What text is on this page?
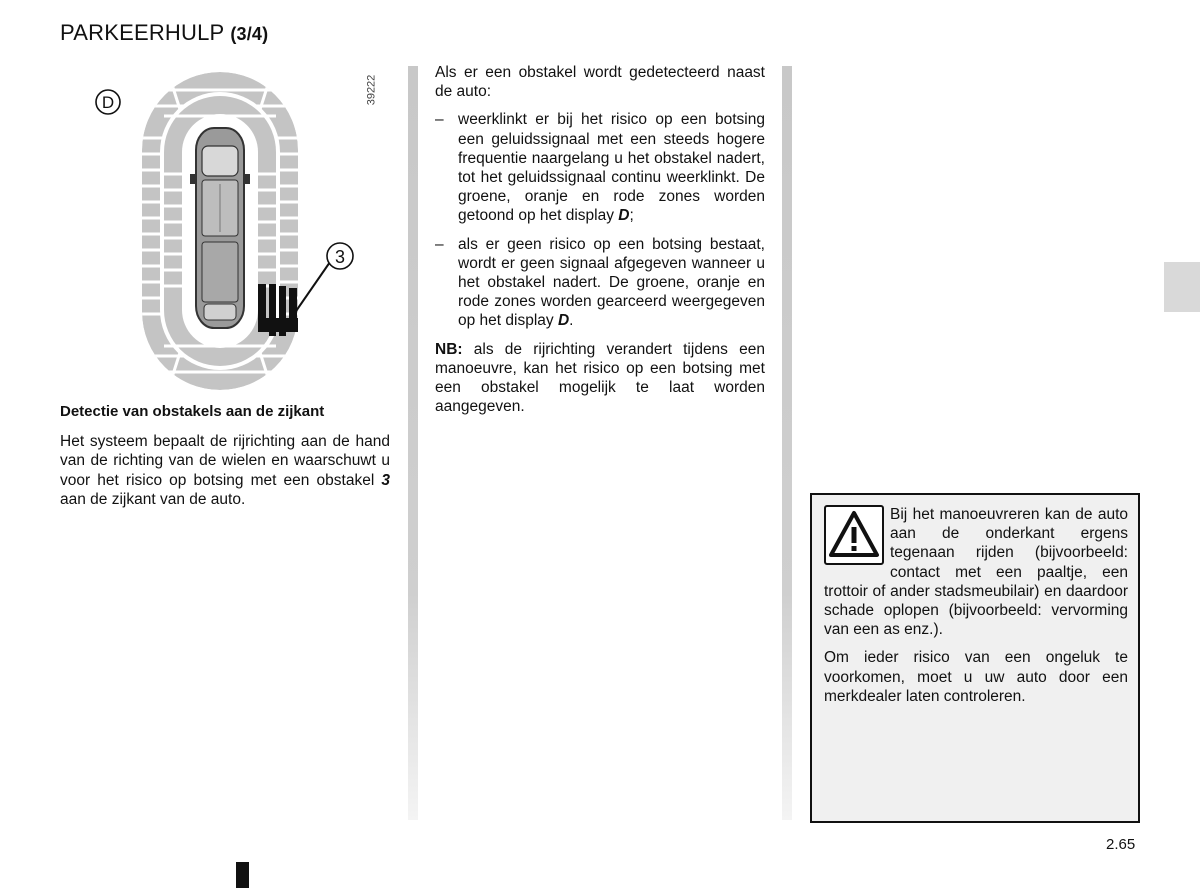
PARKEERHULP (3/4)
D
3
39222
Detectie van obstakels aan de zijkant

Het systeem bepaalt de rijrichting aan de hand van de richting van de wielen en waarschuwt u voor het risico op botsing met een obstakel 3 aan de zijkant van de auto.

Als er een obstakel wordt gedetecteerd naast de auto:

– weerklinkt er bij het risico op een botsing een geluidssignaal met een steeds hogere frequentie naargelang u het obstakel nadert, tot het geluidssignaal continu weerklinkt. De groene, oranje en rode zones worden getoond op het display D;
– als er geen risico op een botsing bestaat, wordt er geen signaal afgegeven wanneer u het obstakel nadert. De groene, oranje en rode zones worden gearceerd weergegeven op het display D.

NB: als de rijrichting verandert tijdens een manoeuvre, kan het risico op een botsing met een obstakel mogelijk te laat worden aangegeven.

Bij het manoeuvreren kan de auto aan de onderkant ergens tegenaan rijden (bijvoorbeeld: contact met een paaltje, een trottoir of ander stadsmeubilair) en daardoor schade oplopen (bijvoorbeeld: vervorming van een as enz.).

Om ieder risico van een ongeluk te voorkomen, moet u uw auto door een merkdealer laten controleren.

2.65
